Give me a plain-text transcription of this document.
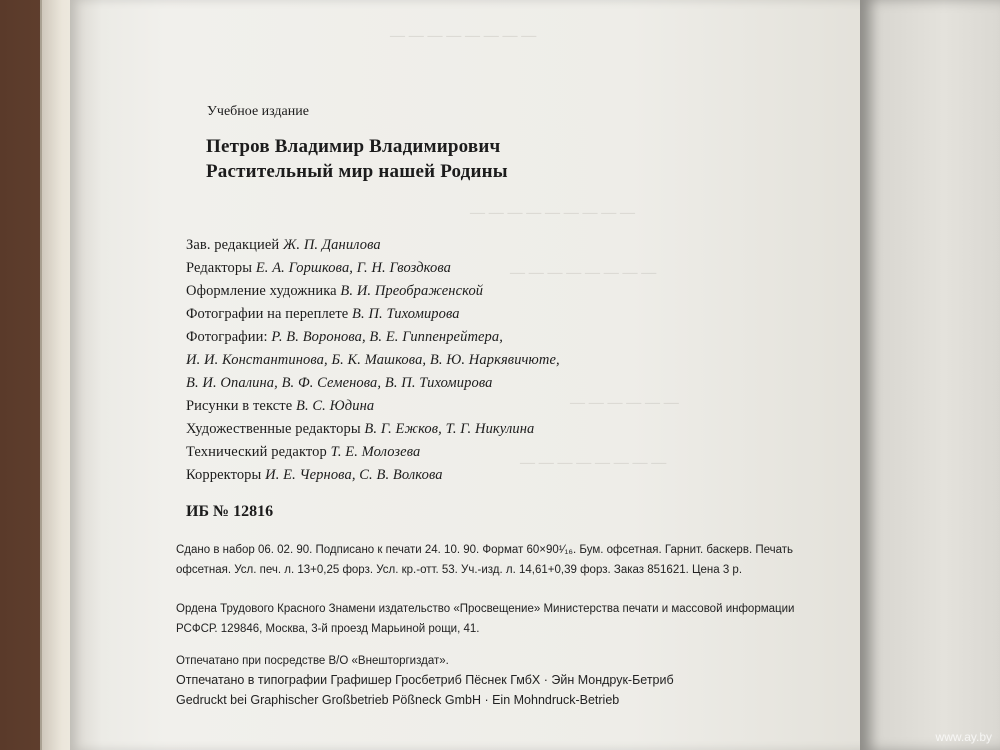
— — — — — — — —
— — — — — — — — —
— — — — — — — —
— — — — — —
— — — — — — — —
Учебное издание
Петров Владимир Владимирович
Растительный мир нашей Родины
Зав. редакцией Ж. П. Данилова
Редакторы Е. А. Горшкова, Г. Н. Гвоздкова
Оформление художника В. И. Преображенской
Фотографии на переплете В. П. Тихомирова
Фотографии: Р. В. Воронова, В. Е. Гиппенрейтера,
И. И. Константинова, Б. К. Машкова, В. Ю. Наркявичюте,
В. И. Опалина, В. Ф. Семенова, В. П. Тихомирова
Рисунки в тексте В. С. Юдина
Художественные редакторы В. Г. Ежков, Т. Г. Никулина
Технический редактор Т. Е. Молозева
Корректоры И. Е. Чернова, С. В. Волкова
ИБ № 12816
Сдано в набор 06. 02. 90. Подписано к печати 24. 10. 90. Формат 60×90¹⁄₁₆. Бум. офсетная. Гарнит. баскерв. Печать
офсетная. Усл. печ. л. 13+0,25 форз. Усл. кр.-отт. 53. Уч.-изд. л. 14,61+0,39 форз. Заказ 851621. Цена 3 р.
Ордена Трудового Красного Знамени издательство «Просвещение» Министерства печати и массовой информации
РСФСР. 129846, Москва, 3-й проезд Марьиной рощи, 41.
Отпечатано при посредстве В/О «Внешторгиздат».
Отпечатано в типографии Графишер Гросбетриб Пёснек ГмбХ · Эйн Мондрук-Бетриб
Gedruckt bei Graphischer Großbetrieb Pößneck GmbH · Ein Mohndruck-Betrieb
www.ay.by
